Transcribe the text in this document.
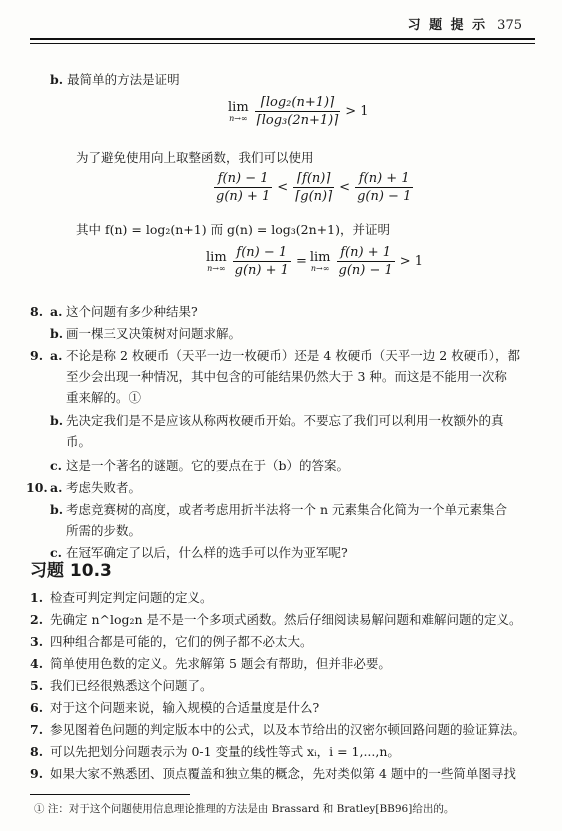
习 题 提 示 375
b. 最简单的方法是证明
lim
$n\to\infty \frac{\text{⌈log₂(n+1)⌉}}{\text{⌈log₃(2n+1)⌉}} > 1$
为了避免使用向上取整函数，我们可以使用
$\frac{f(n) - 1}{g(n) + 1} < \frac{⌈f(n)⌉}{⌈g(n)⌉} < \frac{f(n) + 1}{g(n) - 1}$
其中 f(n) = log₂(n+1) 而 g(n) = log₃(2n+1)，并证明
lim
$n\to\infty \frac{f(n) - 1}{g(n) + 1} = \lim$
$n\to\infty \frac{f(n) + 1}{g(n) - 1} > 1$
8. a. 这个问题有多少种结果?
b. 画一棵三叉决策树对问题求解。
9. a. 不论是称 2 枚硬币（天平一边一枚硬币）还是 4 枚硬币（天平一边 2 枚硬币），都
至少会出现一种情况，其中包含的可能结果仍然大于 3 种。而这是不能用一次称
重来解的。①
b. 先决定我们是不是应该从称两枚硬币开始。不要忘了我们可以利用一枚额外的真
币。
c. 这是一个著名的谜题。它的要点在于（b）的答案。
10. a. 考虑失败者。
b. 考虑竞赛树的高度，或者考虑用折半法将一个 n 元素集合化简为一个单元素集合
所需的步数。
习题 10.3
1. 检查可判定判定问题的定义。
2. 先确定 n^log₂n 是不是一个多项式函数。然后仔细阅读易解问题和难解问题的定义。
3. 四种组合都是可能的，它们的例子都不必太大。
4. 简单使用色数的定义。先求解第 5 题会有帮助，但并非必要。
5. 我们已经很熟悉这个问题了。
6. 对于这个问题来说，输入规模的合适量度是什么?
7. 参见图着色问题的判定版本中的公式，以及本节给出的汉密尔顿回路问题的验证算法。
8. 可以先把划分问题表示为 0-1 变量的线性等式 xᵢ，i = 1,...,n。
9. 如果大家不熟悉团、顶点覆盖和独立集的概念，先对类似第 4 题中的一些简单图寻找
① 注：对于这个问题使用信息理论推理的方法是由 Brassard 和 Bratley[BB96]给出的。
c. 在冠军确定了以后，什么样的选手可以作为亚军呢?
